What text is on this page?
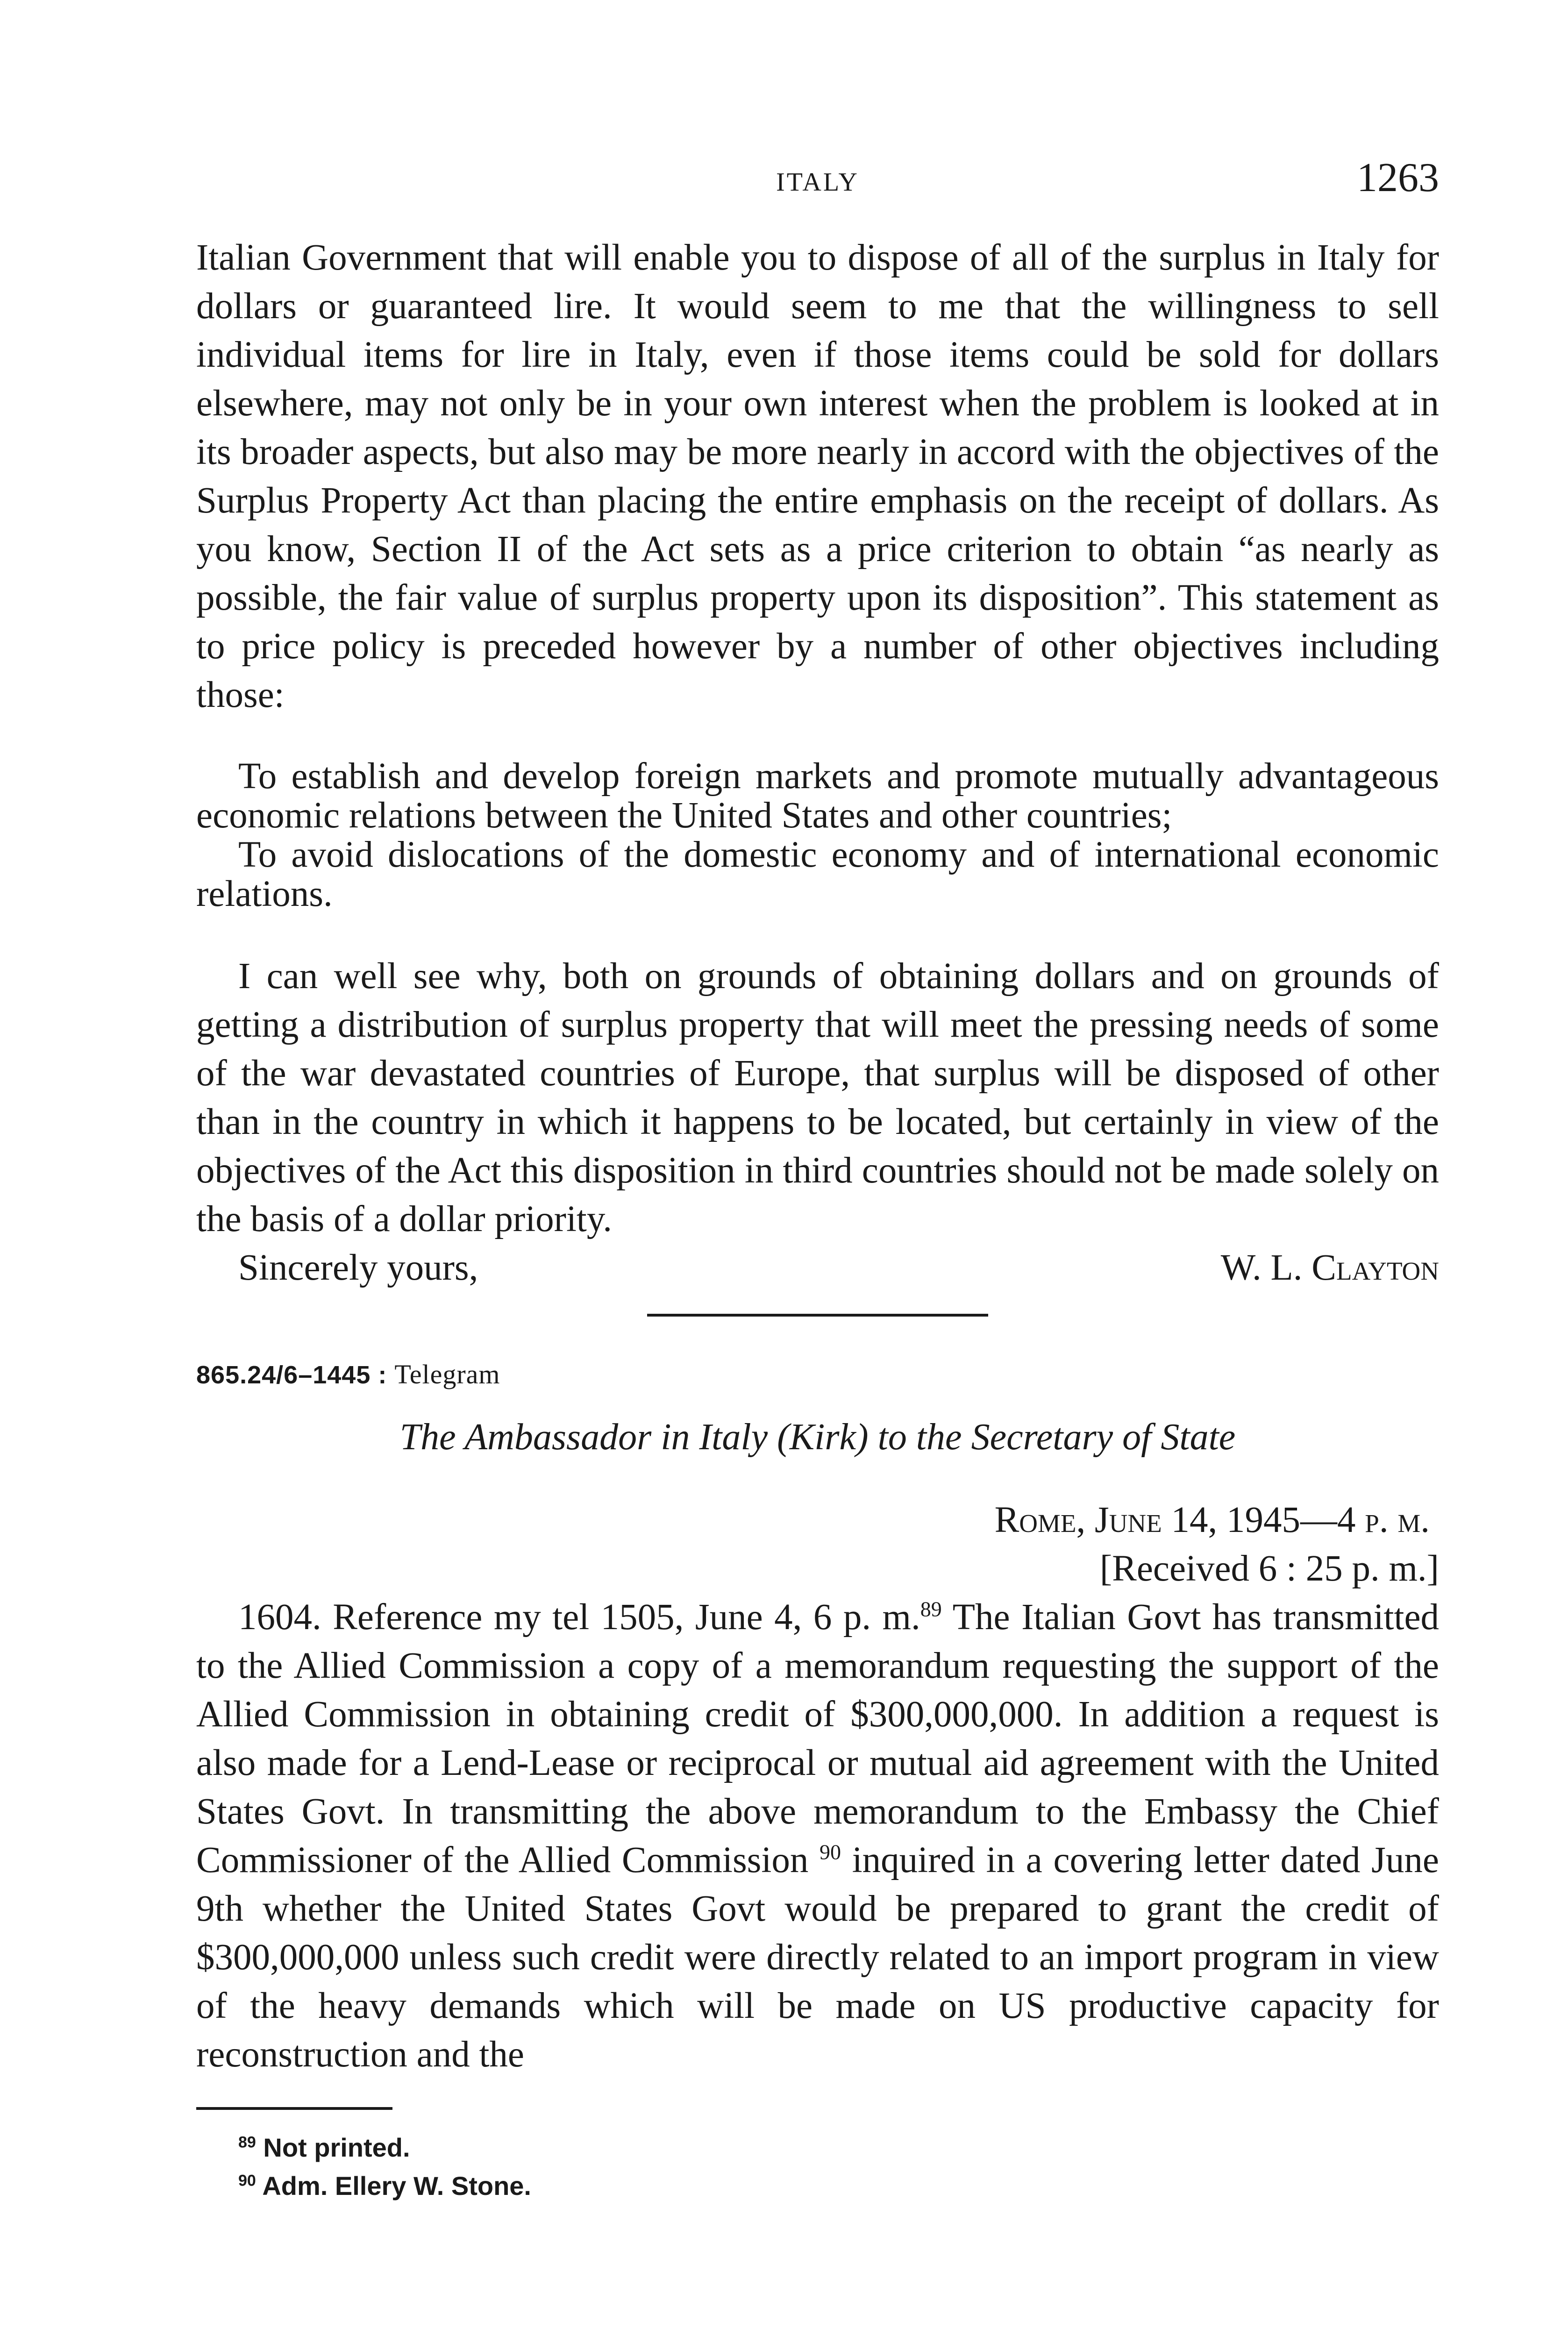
ITALY	1263

Italian Government that will enable you to dispose of all of the surplus in Italy for dollars or guaranteed lire. It would seem to me that the willingness to sell individual items for lire in Italy, even if those items could be sold for dollars elsewhere, may not only be in your own interest when the problem is looked at in its broader aspects, but also may be more nearly in accord with the objectives of the Surplus Property Act than placing the entire emphasis on the receipt of dollars. As you know, Section II of the Act sets as a price criterion to obtain “as nearly as possible, the fair value of surplus property upon its disposition”. This statement as to price policy is preceded however by a number of other objectives including those:

To establish and develop foreign markets and promote mutually advantageous economic relations between the United States and other countries;

To avoid dislocations of the domestic economy and of international economic relations.

I can well see why, both on grounds of obtaining dollars and on grounds of getting a distribution of surplus property that will meet the pressing needs of some of the war devastated countries of Europe, that surplus will be disposed of other than in the country in which it happens to be located, but certainly in view of the objectives of the Act this disposition in third countries should not be made solely on the basis of a dollar priority.

Sincerely yours,	W. L. Clayton
865.24/6–1445 : Telegram
The Ambassador in Italy (Kirk) to the Secretary of State
Rome, June 14, 1945—4 p. m.
[Received 6 : 25 p. m.]

1604. Reference my tel 1505, June 4, 6 p. m.$^{89}$ The Italian Govt has transmitted to the Allied Commission a copy of a memorandum requesting the support of the Allied Commission in obtaining credit of $300,000,000. In addition a request is also made for a Lend-Lease or reciprocal or mutual aid agreement with the United States Govt. In transmitting the above memorandum to the Embassy the Chief Commissioner of the Allied Commission $^{90}$ inquired in a covering letter dated June 9th whether the United States Govt would be prepared to grant the credit of $300,000,000 unless such credit were directly related to an import program in view of the heavy demands which will be made on US productive capacity for reconstruction and the

$^{89}$ Not printed.
$^{90}$ Adm. Ellery W. Stone.
